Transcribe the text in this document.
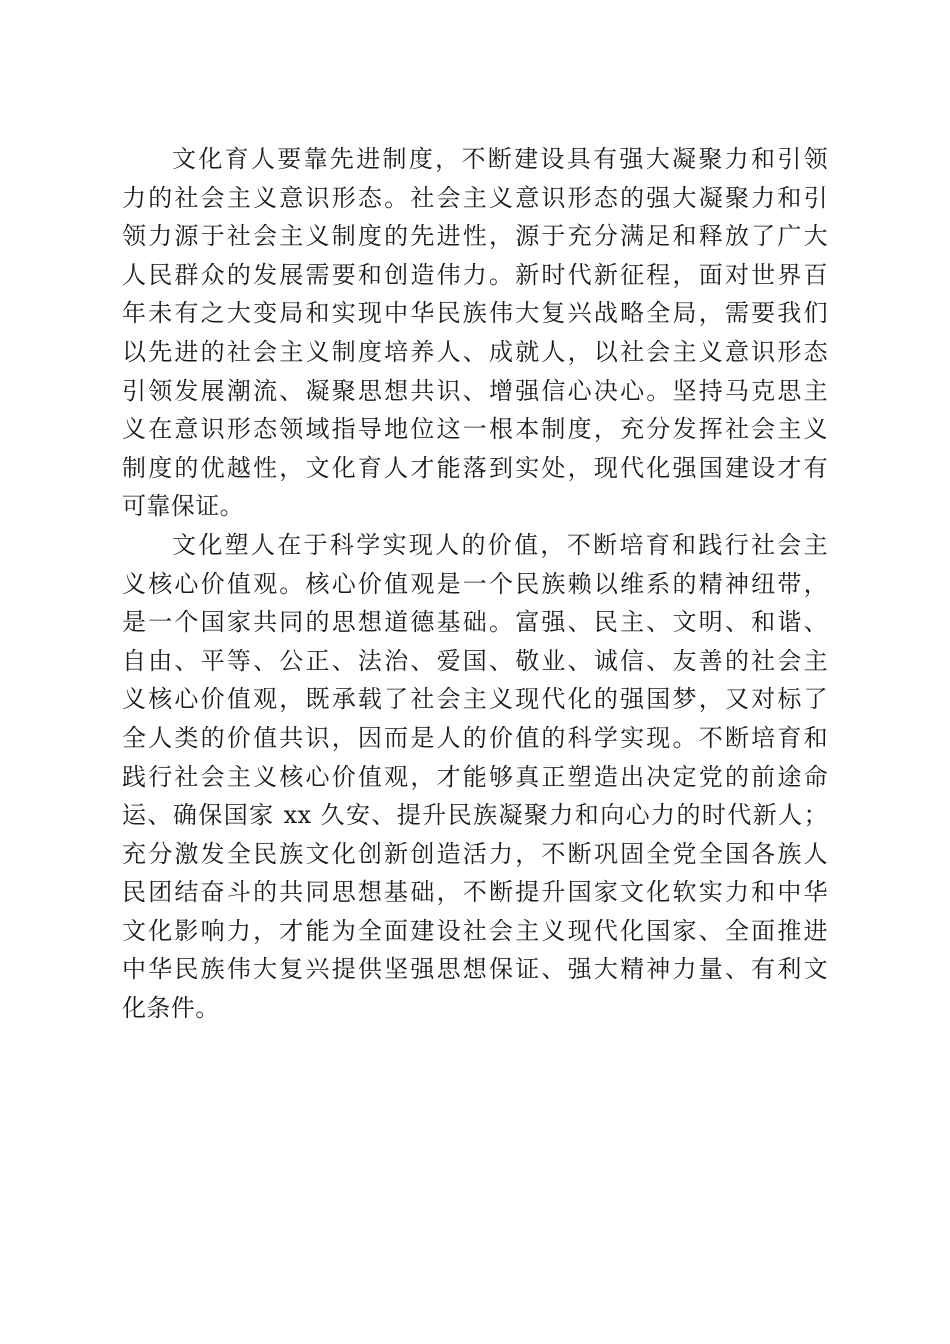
文化育人要靠先进制度，不断建设具有强大凝聚力和引领
力的社会主义意识形态。社会主义意识形态的强大凝聚力和引
领力源于社会主义制度的先进性，源于充分满足和释放了广大
人民群众的发展需要和创造伟力。新时代新征程，面对世界百
年未有之大变局和实现中华民族伟大复兴战略全局，需要我们
以先进的社会主义制度培养人、成就人，以社会主义意识形态
引领发展潮流、凝聚思想共识、增强信心决心。坚持马克思主
义在意识形态领域指导地位这一根本制度，充分发挥社会主义
制度的优越性，文化育人才能落到实处，现代化强国建设才有
可靠保证。

文化塑人在于科学实现人的价值，不断培育和践行社会主
义核心价值观。核心价值观是一个民族赖以维系的精神纽带，
是一个国家共同的思想道德基础。富强、民主、文明、和谐、
自由、平等、公正、法治、爱国、敬业、诚信、友善的社会主
义核心价值观，既承载了社会主义现代化的强国梦，又对标了
全人类的价值共识，因而是人的价值的科学实现。不断培育和
践行社会主义核心价值观，才能够真正塑造出决定党的前途命
运、确保国家 xx 久安、提升民族凝聚力和向心力的时代新人；
充分激发全民族文化创新创造活力，不断巩固全党全国各族人
民团结奋斗的共同思想基础，不断提升国家文化软实力和中华
文化影响力，才能为全面建设社会主义现代化国家、全面推进
中华民族伟大复兴提供坚强思想保证、强大精神力量、有利文
化条件。
